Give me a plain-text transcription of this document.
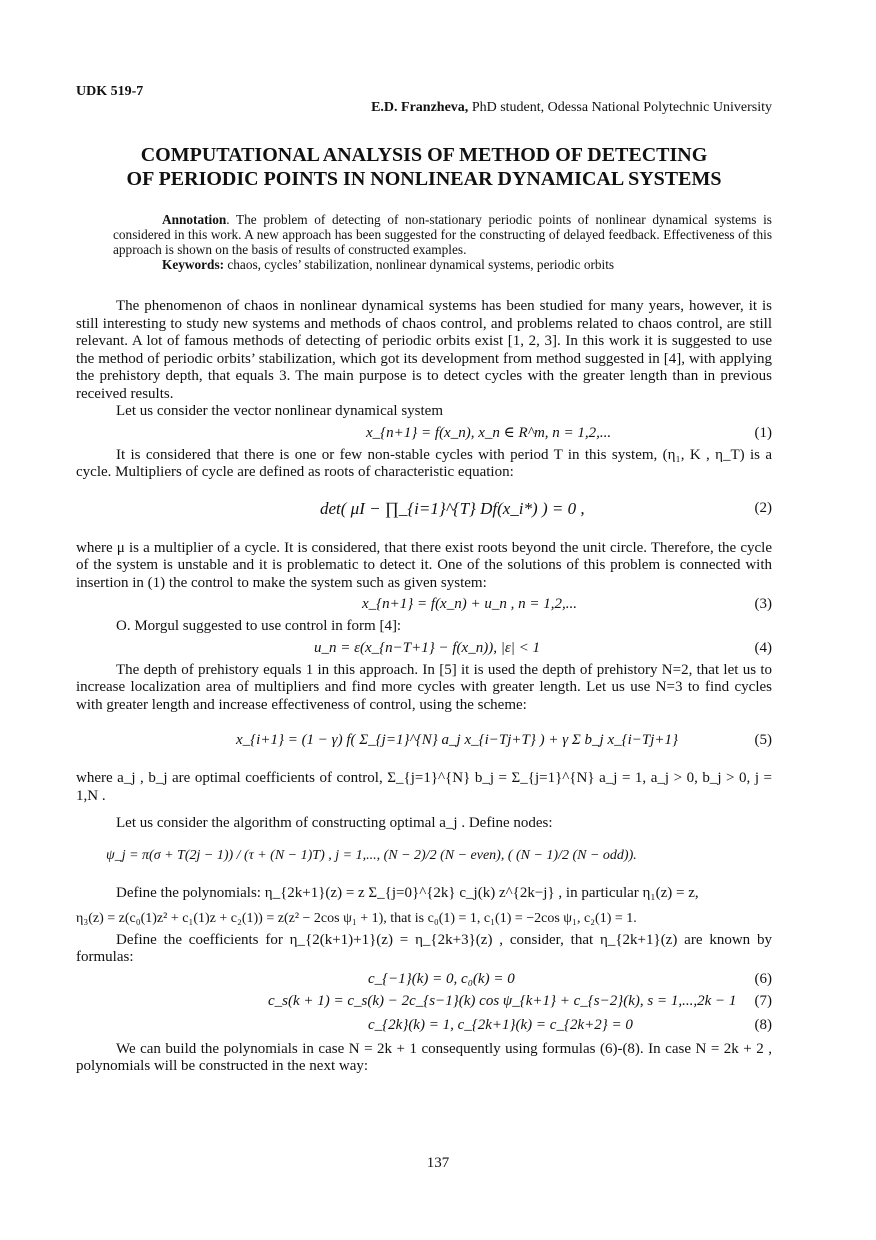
UDK 519-7
E.D. Franzheva, PhD student, Odessa National Polytechnic University
COMPUTATIONAL ANALYSIS OF METHOD OF DETECTING
OF PERIODIC POINTS IN NONLINEAR DYNAMICAL SYSTEMS

Annotation. The problem of detecting of non-stationary periodic points of nonlinear dynamical systems is considered in this work. A new approach has been suggested for the constructing of delayed feedback. Effectiveness of this approach is shown on the basis of results of constructed examples.

Keywords: chaos, cycles’ stabilization, nonlinear dynamical systems, periodic orbits

The phenomenon of chaos in nonlinear dynamical systems has been studied for many years, however, it is still interesting to study new systems and methods of chaos control, and problems related to chaos control, are still relevant. A lot of famous methods of detecting of periodic orbits exist [1, 2, 3]. In this work it is suggested to use the method of periodic orbits’ stabilization, which got its development from method suggested in [4], with applying the prehistory depth, that equals 3. The main purpose is to detect cycles with the greater length than in previous received results.

Let us consider the vector nonlinear dynamical system

x_{n+1} = f(x_n), x_n ∈ R^m, n = 1,2,...	(1)

It is considered that there is one or few non-stable cycles with period T in this system, (η₁, K , η_T) is a cycle. Multipliers of cycle are defined as roots of characteristic equation:

det( μI − ∏_{i=1}^{T} Df(x_i*) ) = 0 ,	(2)

where μ is a multiplier of a cycle. It is considered, that there exist roots beyond the unit circle. Therefore, the cycle of the system is unstable and it is problematic to detect it. One of the solutions of this problem is connected with insertion in (1) the control to make the system such as given system:

x_{n+1} = f(x_n) + u_n , n = 1,2,...	(3)

O. Morgul suggested to use control in form [4]:

u_n = ε(x_{n−T+1} − f(x_n)), |ε| < 1	(4)

The depth of prehistory equals 1 in this approach. In [5] it is used the depth of prehistory N=2, that let us to increase localization area of multipliers and find more cycles with greater length. Let us use N=3 to find cycles with greater length and increase effectiveness of control, using the scheme:

x_{i+1} = (1 − γ) f( Σ_{j=1}^{N} a_j x_{i−Tj+T} ) + γ Σ b_j x_{i−Tj+1}	(5)

where a_j , b_j are optimal coefficients of control, Σ_{j=1}^{N} b_j = Σ_{j=1}^{N} a_j = 1, a_j > 0, b_j > 0, j = 1,N .

Let us consider the algorithm of constructing optimal a_j . Define nodes:

ψ_j = π(σ + T(2j − 1)) / (τ + (N − 1)T) , j = 1,..., (N − 2)/2 (N − even), ( (N − 1)/2 (N − odd)).

Define the polynomials: η_{2k+1}(z) = z Σ_{j=0}^{2k} c_j(k) z^{2k−j} , in particular η₁(z) = z,

η₃(z) = z(c₀(1)z² + c₁(1)z + c₂(1)) = z(z² − 2cos ψ₁ + 1), that is c₀(1) = 1, c₁(1) = −2cos ψ₁, c₂(1) = 1.

Define the coefficients for η_{2(k+1)+1}(z) = η_{2k+3}(z) , consider, that η_{2k+1}(z) are known by formulas:

c_{−1}(k) = 0, c₀(k) = 0	(6)
c_s(k + 1) = c_s(k) − 2c_{s−1}(k) cos ψ_{k+1} + c_{s−2}(k), s = 1,...,2k − 1 (7)
c_{2k}(k) = 1, c_{2k+1}(k) = c_{2k+2} = 0	(8)

We can build the polynomials in case N = 2k + 1 consequently using formulas (6)-(8). In case N = 2k + 2 , polynomials will be constructed in the next way:

137
